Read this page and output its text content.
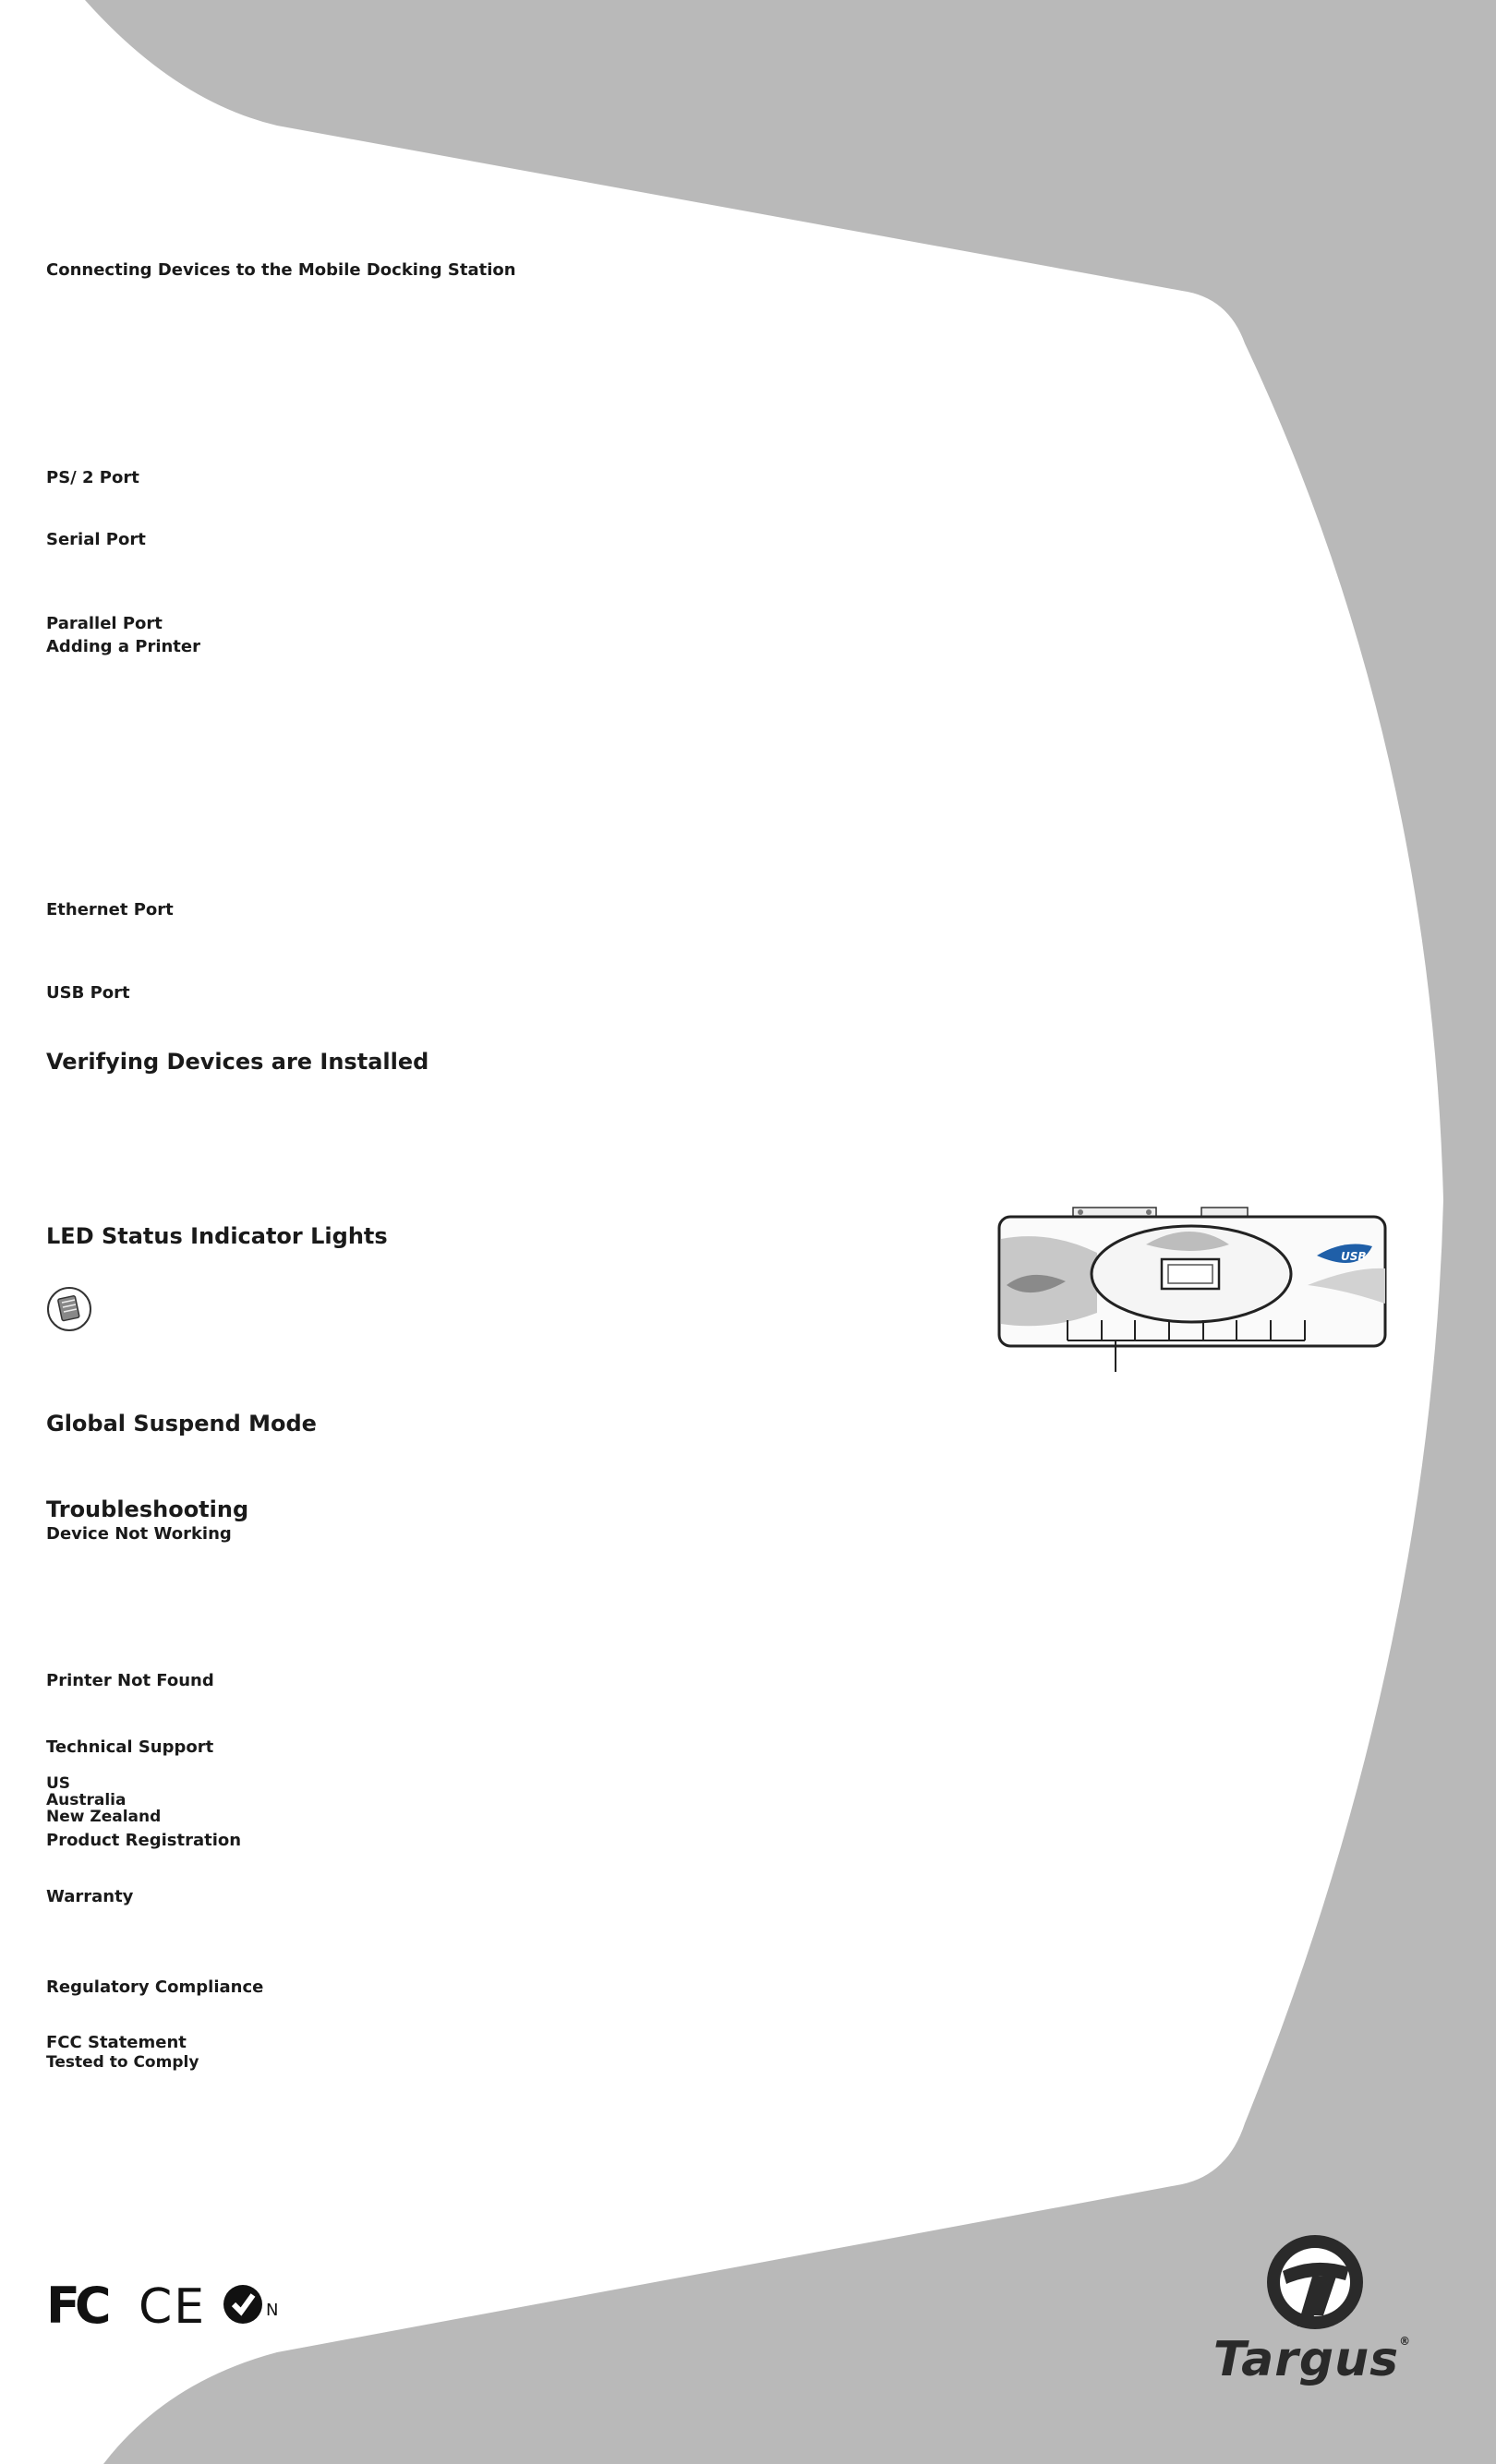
Connecting Devices to the Mobile Docking Station
PS/ 2 Port
Serial Port
Parallel Port
Adding a Printer
Ethernet Port
USB Port
Verifying Devices are Installed
LED Status Indicator Lights
USB
Global Suspend Mode
Troubleshooting
Device Not Working
Printer Not Found
Technical Support
US
Australia
New Zealand
Product Registration
Warranty
Regulatory Compliance
FCC Statement
Tested to Comply
FC CE	N
Targus®
